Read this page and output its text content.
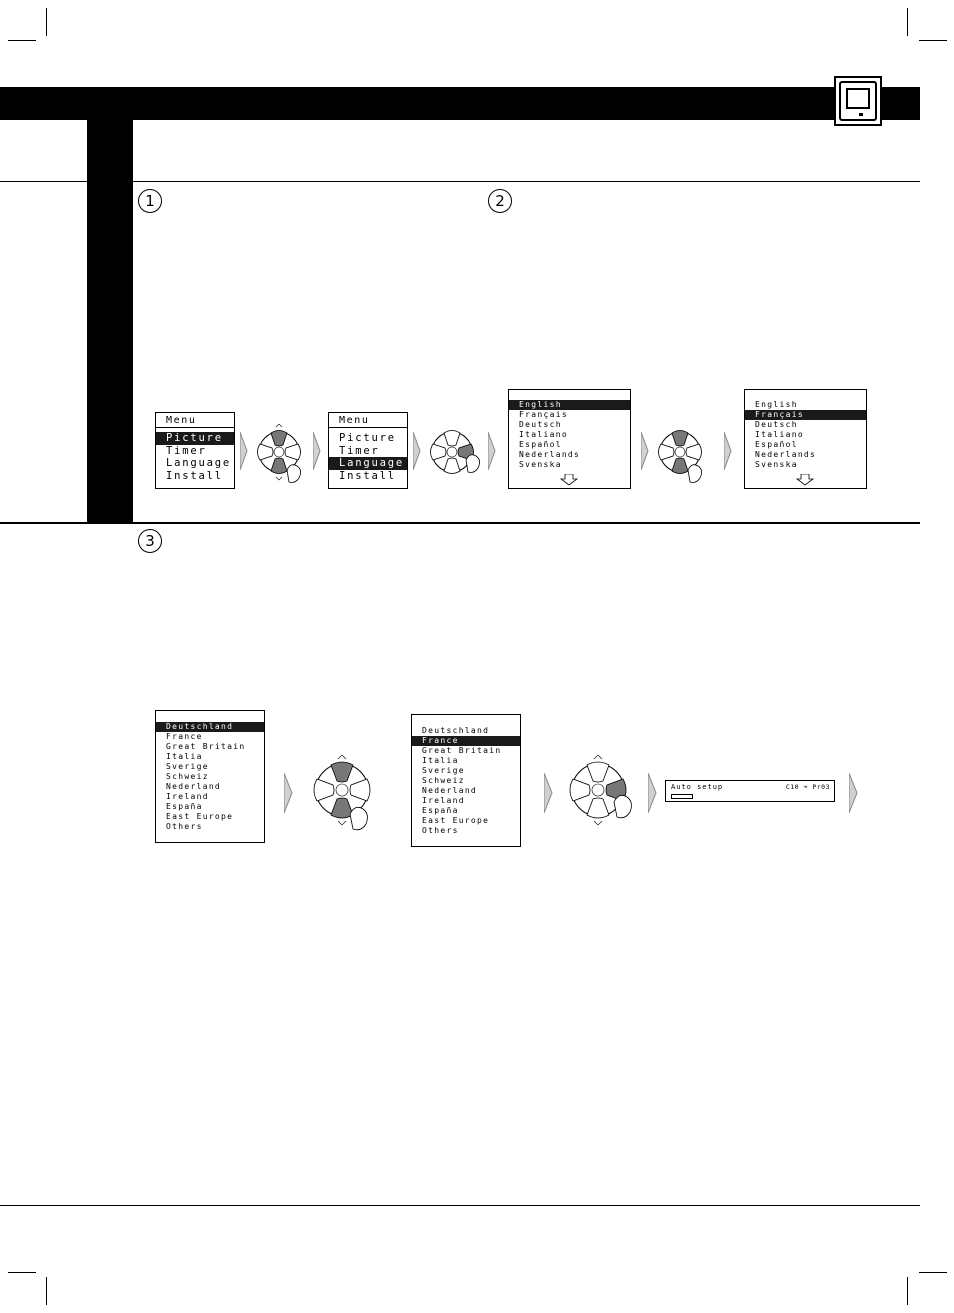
1	2
3
Menu
Picture
Timer
Language
Install
Menu
Picture
Timer
Language
Install
English
Français
Deutsch
Italiano
Español
Nederlands
Svenska
English
Français
Deutsch
Italiano
Español
Nederlands
Svenska
Deutschland
France
Great Britain
Italia
Sverige
Schweiz
Nederland
Ireland
España
East Europe
Others
Deutschland
France
Great Britain
Italia
Sverige
Schweiz
Nederland
Ireland
España
East Europe
Others
Auto setup	C10 ➔ Pr03
